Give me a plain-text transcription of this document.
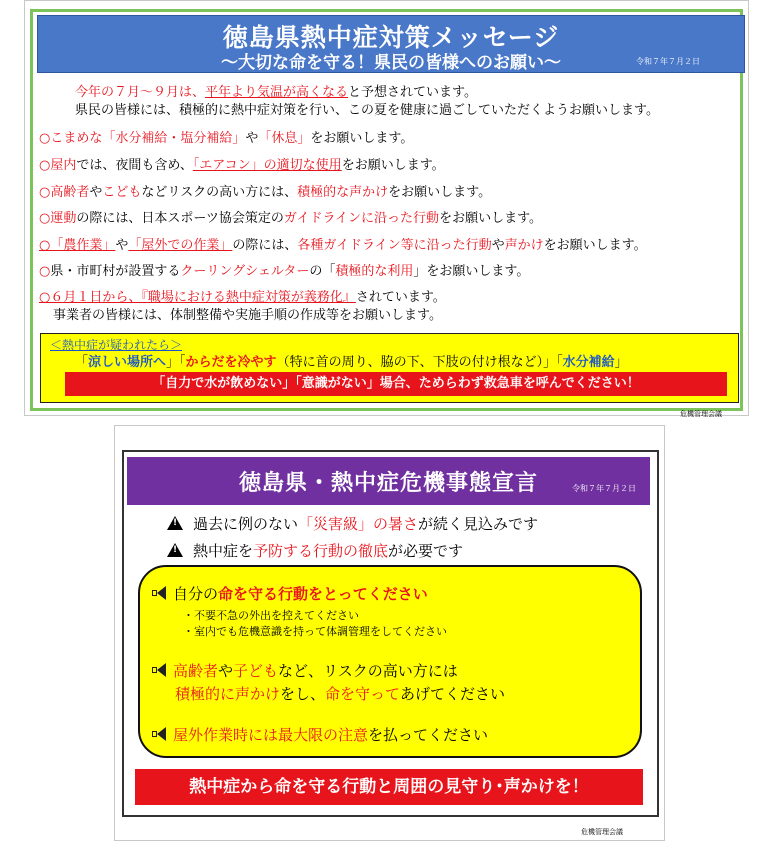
徳島県熱中症対策メッセージ
～大切な命を守る！県民の皆様へのお願い～	令和７年７月２日
今年の７月～９月は、平年より気温が高くなると予想されています。
県民の皆様には、積極的に熱中症対策を行い、この夏を健康に過ごしていただくようお願いします。
○こまめな「水分補給・塩分補給」や「休息」をお願いします。
○屋内では、夜間も含め、「エアコン」の適切な使用をお願いします。
○高齢者やこどもなどリスクの高い方には、積極的な声かけをお願いします。
○運動の際には、日本スポーツ協会策定のガイドラインに沿った行動をお願いします。
○「農作業」や「屋外での作業」の際には、各種ガイドライン等に沿った行動や声かけをお願いします。
○県・市町村が設置するクーリングシェルターの「積極的な利用」をお願いします。
○６月１日から、『職場における熱中症対策が義務化』されています。
事業者の皆様には、体制整備や実施手順の作成等をお願いします。
＜熱中症が疑われたら＞
「涼しい場所へ」「からだを冷やす（特に首の周り、脇の下、下肢の付け根など）」「水分補給」
「自力で水が飲めない」「意識がない」場合、ためらわず救急車を呼んでください！
危機管理会議
徳島県・熱中症危機事態宣言	令和７年７月２日
!過去に例のない「災害級」の暑さが続く見込みです
!熱中症を予防する行動の徹底が必要です
自分の命を守る行動をとってください
・不要不急の外出を控えてください
・室内でも危機意識を持って体調管理をしてください
高齢者や子どもなど、リスクの高い方には
積極的に声かけをし、命を守ってあげてください
屋外作業時には最大限の注意を払ってください
熱中症から命を守る行動と周囲の見守り･声かけを！
危機管理会議
